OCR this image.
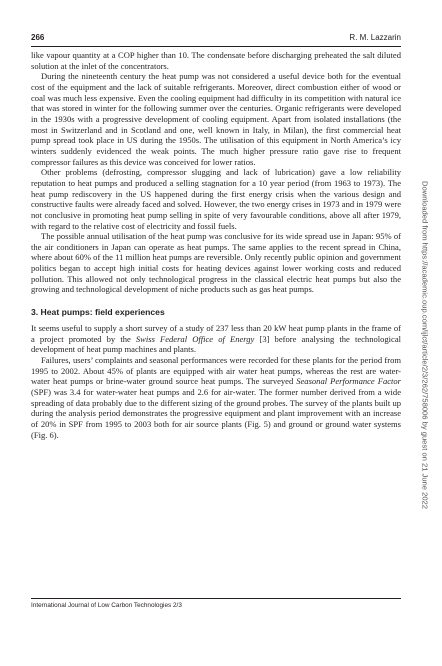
266	R. M. Lazzarin

like vapour quantity at a COP higher than 10. The condensate before discharging preheated the salt diluted solution at the inlet of the concentrators.

During the nineteenth century the heat pump was not considered a useful device both for the eventual cost of the equipment and the lack of suitable refrigerants. Moreover, direct combustion either of wood or coal was much less expensive. Even the cooling equipment had difficulty in its competition with natural ice that was stored in winter for the following summer over the centuries. Organic refrigerants were developed in the 1930s with a progressive development of cooling equipment. Apart from isolated installations (the most in Switzerland and in Scotland and one, well known in Italy, in Milan), the first commercial heat pump spread took place in US during the 1950s. The utilisation of this equipment in North America’s icy winters suddenly evidenced the weak points. The much higher pressure ratio gave rise to frequent compressor failures as this device was conceived for lower ratios.

Other problems (defrosting, compressor slugging and lack of lubrication) gave a low reliability reputation to heat pumps and produced a selling stagnation for a 10 year period (from 1963 to 1973). The heat pump rediscovery in the US happened during the first energy crisis when the various design and constructive faults were already faced and solved. However, the two energy crises in 1973 and in 1979 were not conclusive in promoting heat pump selling in spite of very favourable conditions, above all after 1979, with regard to the relative cost of electricity and fossil fuels.

The possible annual utilisation of the heat pump was conclusive for its wide spread use in Japan: 95% of the air conditioners in Japan can operate as heat pumps. The same applies to the recent spread in China, where about 60% of the 11 million heat pumps are reversible. Only recently public opinion and government politics began to accept high initial costs for heating devices against lower working costs and reduced pollution. This allowed not only technological progress in the classical electric heat pumps but also the growing and technological development of niche products such as gas heat pumps.

3. Heat pumps: field experiences

It seems useful to supply a short survey of a study of 237 less than 20 kW heat pump plants in the frame of a project promoted by the Swiss Federal Office of Energy [3] before analysing the technological development of heat pump machines and plants.

Failures, users’ complaints and seasonal performances were recorded for these plants for the period from 1995 to 2002. About 45% of plants are equipped with air water heat pumps, whereas the rest are water-water heat pumps or brine-water ground source heat pumps. The surveyed Seasonal Performance Factor (SPF) was 3.4 for water-water heat pumps and 2.6 for air-water. The former number derived from a wide spreading of data probably due to the different sizing of the ground probes. The survey of the plants built up during the analysis period demonstrates the progressive equipment and plant improvement with an increase of 20% in SPF from 1995 to 2003 both for air source plants (Fig. 5) and ground or ground water systems (Fig. 6).

International Journal of Low Carbon Technologies 2/3
Downloaded from https://academic.oup.com/ijlct/article/2/3/262/758006 by guest on 21 June 2022
